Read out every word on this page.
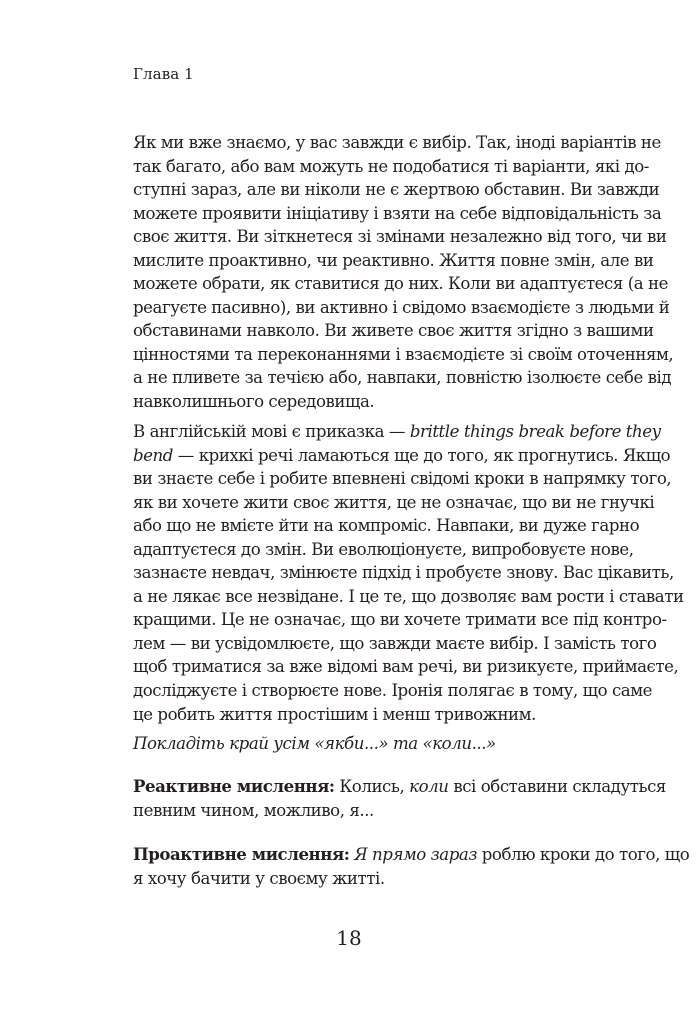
Глава 1
Як ми вже знаємо, у вас завжди є вибір. Так, іноді варіантів не
так багато, або вам можуть не подобатися ті варіанти, які до-
ступні зараз, але ви ніколи не є жертвою обставин. Ви завжди
можете проявити ініціативу і взяти на себе відповідальність за
своє життя. Ви зіткнетеся зі змінами незалежно від того, чи ви
мислите проактивно, чи реактивно. Життя повне змін, але ви
можете обрати, як ставитися до них. Коли ви адаптуєтеся (а не
реагуєте пасивно), ви активно і свідомо взаємодієте з людьми й
обставинами навколо. Ви живете своє життя згідно з вашими
цінностями та переконаннями і взаємодієте зі своїм оточенням,
а не пливете за течією або, навпаки, повністю ізолюєте себе від
навколишнього середовища.
В англійській мові є приказка — brittle things break before they
bend — крихкі речі ламаються ще до того, як прогнутись. Якщо
ви знаєте себе і робите впевнені свідомі кроки в напрямку того,
як ви хочете жити своє життя, це не означає, що ви не гнучкі
або що не вмієте йти на компроміс. Навпаки, ви дуже гарно
адаптуєтеся до змін. Ви еволюціонуєте, випробовуєте нове,
зазнаєте невдач, змінюєте підхід і пробуєте знову. Вас цікавить,
а не лякає все незвідане. І це те, що дозволяє вам рости і ставати
кращими. Це не означає, що ви хочете тримати все під контро-
лем — ви усвідомлюєте, що завжди маєте вибір. І замість того
щоб триматися за вже відомі вам речі, ви ризикуєте, приймаєте,
досліджуєте і створюєте нове. Іронія полягає в тому, що саме
це робить життя простішим і менш тривожним.
Покладіть край усім «якби...» та «коли...»
Реактивне мислення: Колись, коли всі обставини складуться
певним чином, можливо, я...
Проактивне мислення: Я прямо зараз роблю кроки до того, що
я хочу бачити у своєму житті.
18
